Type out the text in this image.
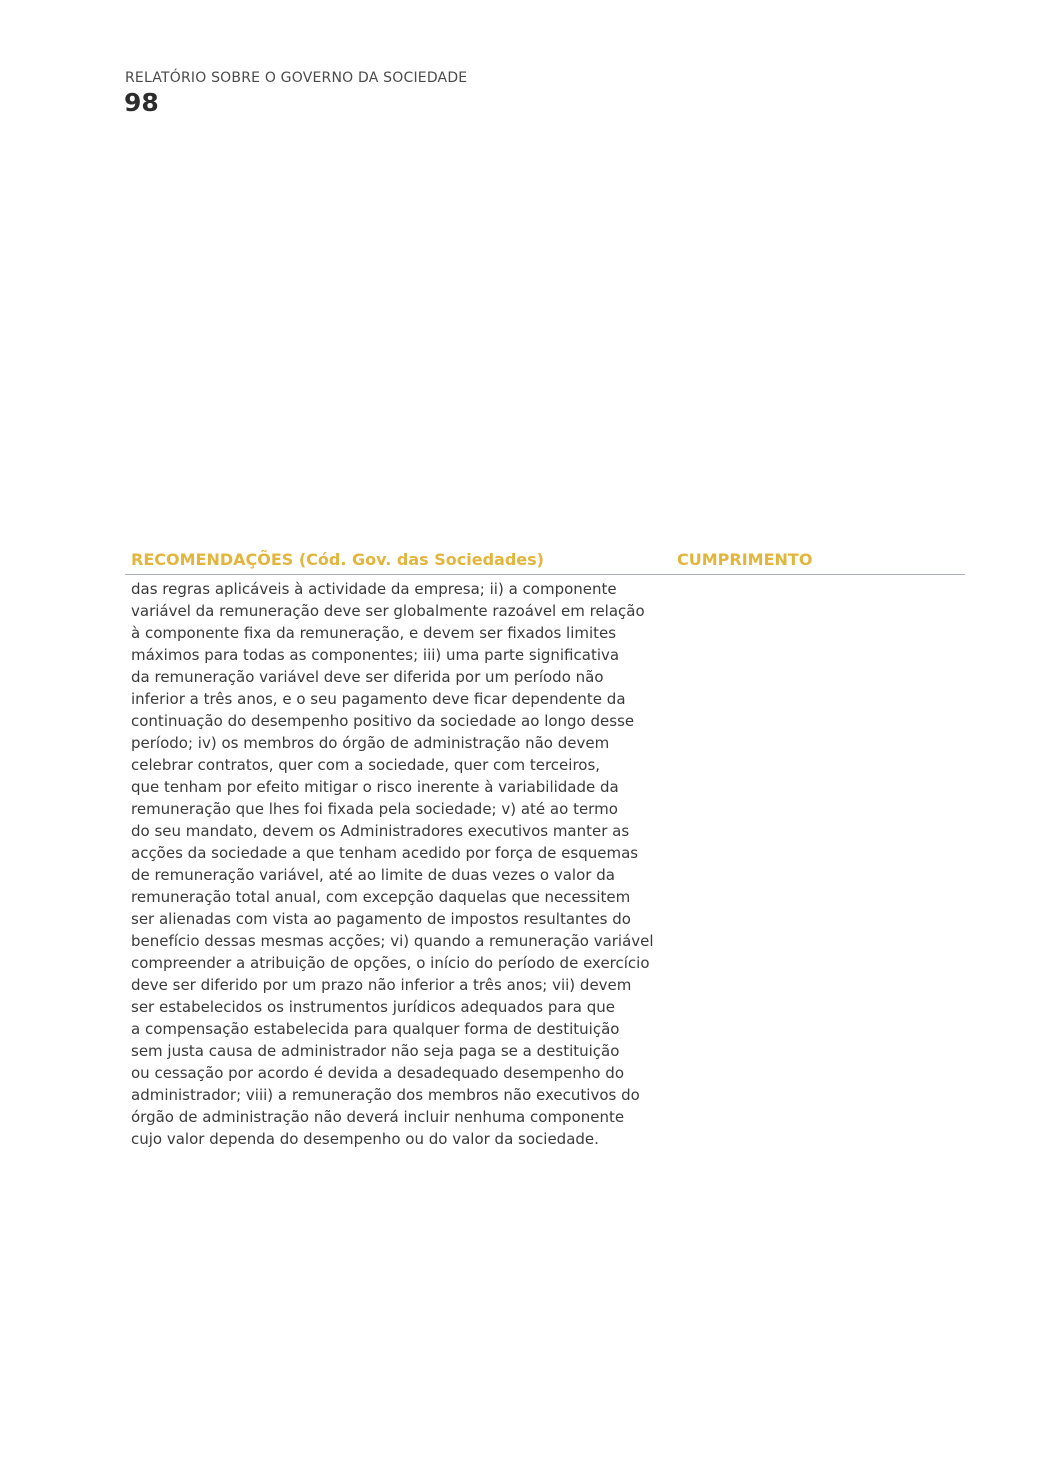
RELATÓRIO SOBRE O GOVERNO DA SOCIEDADE
98
RECOMENDAÇÕES (Cód. Gov. das Sociedades)	CUMPRIMENTO

das regras aplicáveis à actividade da empresa; ii) a componente
variável da remuneração deve ser globalmente razoável em relação
à componente fixa da remuneração, e devem ser fixados limites
máximos para todas as componentes; iii) uma parte significativa
da remuneração variável deve ser diferida por um período não
inferior a três anos, e o seu pagamento deve ficar dependente da
continuação do desempenho positivo da sociedade ao longo desse
período; iv) os membros do órgão de administração não devem
celebrar contratos, quer com a sociedade, quer com terceiros,
que tenham por efeito mitigar o risco inerente à variabilidade da
remuneração que lhes foi fixada pela sociedade; v) até ao termo
do seu mandato, devem os Administradores executivos manter as
acções da sociedade a que tenham acedido por força de esquemas
de remuneração variável, até ao limite de duas vezes o valor da
remuneração total anual, com excepção daquelas que necessitem
ser alienadas com vista ao pagamento de impostos resultantes do
benefício dessas mesmas acções; vi) quando a remuneração variável
compreender a atribuição de opções, o início do período de exercício
deve ser diferido por um prazo não inferior a três anos; vii) devem
ser estabelecidos os instrumentos jurídicos adequados para que
a compensação estabelecida para qualquer forma de destituição
sem justa causa de administrador não seja paga se a destituição
ou cessação por acordo é devida a desadequado desempenho do
administrador; viii) a remuneração dos membros não executivos do
órgão de administração não deverá incluir nenhuma componente
cujo valor dependa do desempenho ou do valor da sociedade.
